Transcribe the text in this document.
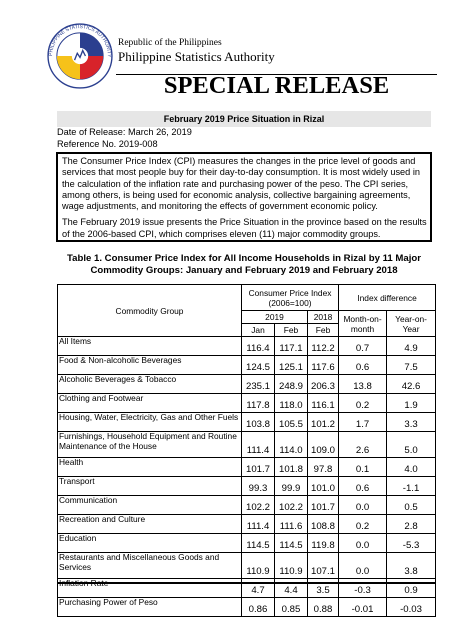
PHILIPPINE STATISTICS AUTHORITY
Republic of the Philippines
Philippine Statistics Authority
SPECIAL RELEASE
February 2019 Price Situation in Rizal
Date of Release: March 26, 2019
Reference No. 2019-008

The Consumer Price Index (CPI) measures the changes in the price level of goods and services that most people buy for their day-to-day consumption. It is most widely used in the calculation of the inflation rate and purchasing power of the peso. The CPI series, among others, is being used for economic analysis, collective bargaining agreements, wage adjustments, and monitoring the effects of government economic policy.

The February 2019 issue presents the Price Situation in the province based on the results of the 2006-based CPI, which comprises eleven (11) major commodity groups.

Table 1. Consumer Price Index for All Income Households in Rizal by 11 Major
Commodity Groups: January and February 2019 and February 2018
Commodity Group	Consumer Price Index (2006=100)			Index difference	
	2019		2018	Month-on-month	Year-on-Year
	Jan	Feb	Feb		
All Items	116.4	117.1	112.2	0.7	4.9
Food & Non-alcoholic Beverages	124.5	125.1	117.6	0.6	7.5
Alcoholic Beverages & Tobacco	235.1	248.9	206.3	13.8	42.6
Clothing and Footwear	117.8	118.0	116.1	0.2	1.9
Housing, Water, Electricity, Gas and Other Fuels	103.8	105.5	101.2	1.7	3.3
Furnishings, Household Equipment and Routine Maintenance of the House	111.4	114.0	109.0	2.6	5.0
Health	101.7	101.8	97.8	0.1	4.0
Transport	99.3	99.9	101.0	0.6	-1.1
Communication	102.2	102.2	101.7	0.0	0.5
Recreation and Culture	111.4	111.6	108.8	0.2	2.8
Education	114.5	114.5	119.8	0.0	-5.3
Restaurants and Miscellaneous Goods and Services	110.9	110.9	107.1	0.0	3.8
Inflation Rate	4.7	4.4	3.5	-0.3	0.9
Purchasing Power of Peso	0.86	0.85	0.88	-0.01	-0.03
